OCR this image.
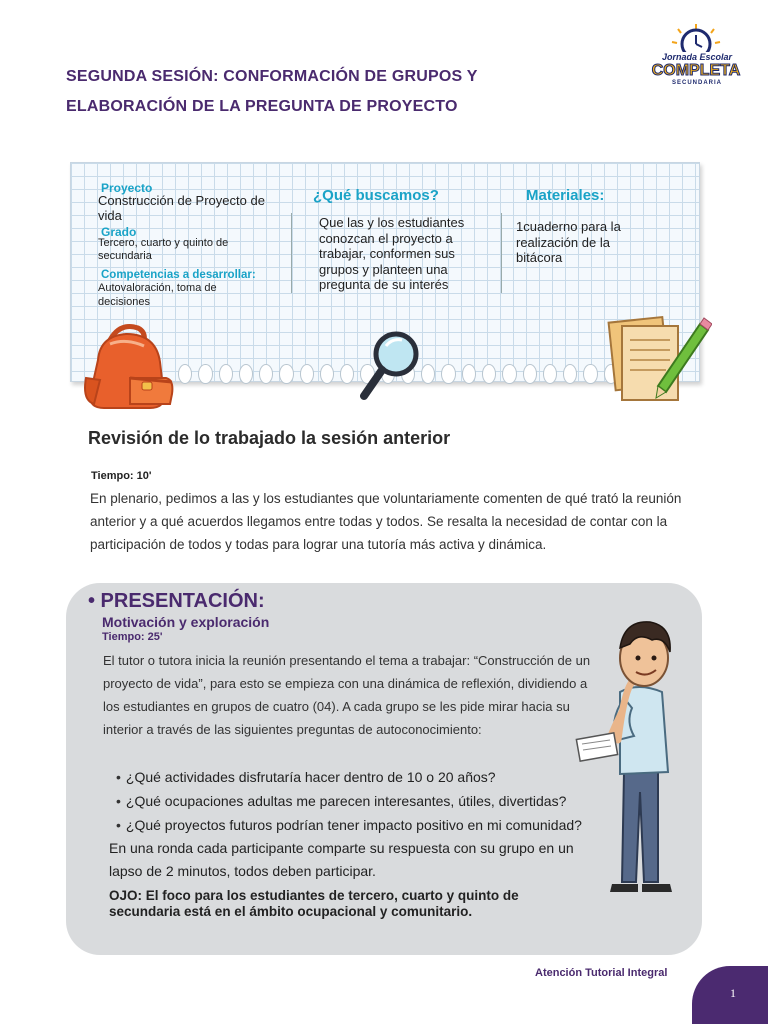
SEGUNDA SESIÓN: CONFORMACIÓN DE GRUPOS Y
ELABORACIÓN DE LA PREGUNTA DE PROYECTO
Jornada Escolar
COMPLETA
SECUNDARIA
Proyecto
Construcción de Proyecto de vida
Grado
Tercero, cuarto y quinto de secundaria
Competencias a desarrollar:
Autovaloración, toma de decisiones
¿Qué buscamos?
Que las y los estudiantes conozcan el proyecto a trabajar, conformen sus grupos y planteen una pregunta de su interés
Materiales:
1cuaderno para la realización de la bitácora
Revisión de lo trabajado la sesión anterior
Tiempo: 10'
En plenario, pedimos a las y los estudiantes que voluntariamente comenten de qué trató la reunión anterior y a qué acuerdos llegamos entre todas y todos. Se resalta la necesidad de contar con la participación de todos y todas para lograr una tutoría más activa y dinámica.
• PRESENTACIÓN:
Motivación y exploración
Tiempo: 25'
El tutor o tutora inicia la reunión presentando el tema a trabajar: “Construcción de un proyecto de vida”, para esto se empieza con una dinámica de reflexión, dividiendo a los estudiantes en grupos de cuatro (04). A cada grupo se les pide mirar hacia su interior a través de las siguientes preguntas de autoconocimiento:
• ¿Qué actividades disfrutaría hacer dentro de 10 o 20 años?
• ¿Qué ocupaciones adultas me parecen interesantes, útiles, divertidas?
• ¿Qué proyectos futuros podrían tener impacto positivo en mi comunidad?
En una ronda cada participante comparte su respuesta con su grupo en un lapso de 2 minutos, todos deben participar.
OJO: El foco para los estudiantes de tercero, cuarto y quinto de secundaria está en el ámbito ocupacional y comunitario.
Atención Tutorial Integral
1
